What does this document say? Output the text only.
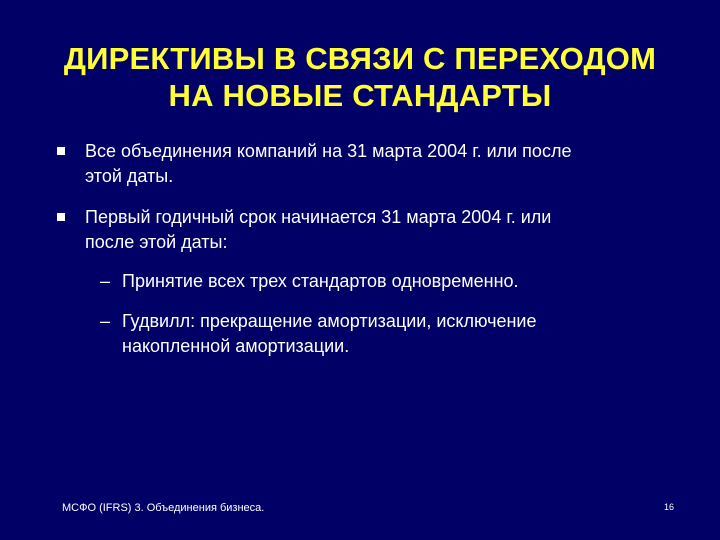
ДИРЕКТИВЫ В СВЯЗИ С ПЕРЕХОДОМ
НА НОВЫЕ СТАНДАРТЫ
Все объединения компаний на 31 марта 2004 г. или после
этой даты.
Первый годичный срок начинается 31 марта 2004 г. или
после этой даты:
– Принятие всех трех стандартов одновременно.
– Гудвилл: прекращение амортизации, исключение
накопленной амортизации.
МСФО (IFRS) 3. Объединения бизнеса.	16
